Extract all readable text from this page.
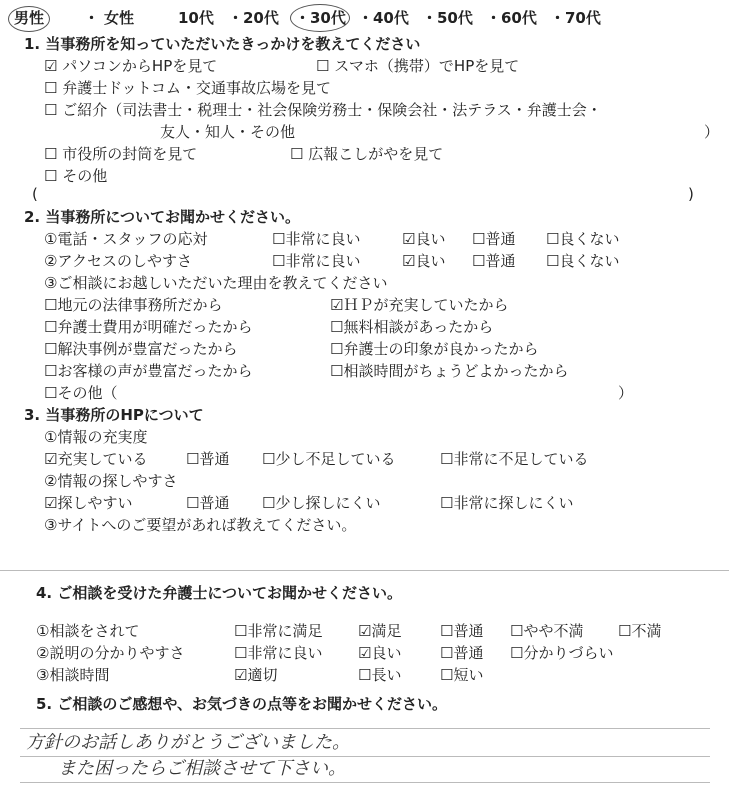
男性	・ 女性	10代 ・20代 ・30代 ・40代 ・50代 ・60代 ・70代
1. 当事務所を知っていただいたきっかけを教えてください
☑ パソコンからHPを見て	☐ スマホ（携帯）でHPを見て
☐ 弁護士ドットコム・交通事故広場を見て
☐ ご紹介（司法書士・税理士・社会保険労務士・保険会社・法テラス・弁護士会・
友人・知人・その他	）
☐ 市役所の封筒を見て	☐ 広報こしがやを見て
☐ その他
(	)
2. 当事務所についてお聞かせください。
①電話・スタッフの応対	☐非常に良い	☑良い ☐普通 ☐良くない
②アクセスのしやすさ	☐非常に良い	☑良い ☐普通 ☐良くない
③ご相談にお越しいただいた理由を教えてください
☐地元の法律事務所だから	☑ＨＰが充実していたから
☐弁護士費用が明確だったから	☐無料相談があったから
☐解決事例が豊富だったから	☐弁護士の印象が良かったから
☐お客様の声が豊富だったから	☐相談時間がちょうどよかったから
☐その他（	）
3. 当事務所のHPについて
①情報の充実度
☑充実している	☐普通 ☐少し不足している	☐非常に不足している
②情報の探しやすさ
☑探しやすい	☐普通 ☐少し探しにくい	☐非常に探しにくい
③サイトへのご要望があれば教えてください。
4. ご相談を受けた弁護士についてお聞かせください。
①相談をされて	☐非常に満足 ☑満足	☐普通 ☐やや不満 ☐不満
②説明の分かりやすさ	☐非常に良い ☑良い	☐普通 ☐分かりづらい
③相談時間	☑適切	☐長い	☐短い
5. ご相談のご感想や、お気づきの点等をお聞かせください。
方針のお話しありがとうございました。
また困ったらご相談させて下さい。
